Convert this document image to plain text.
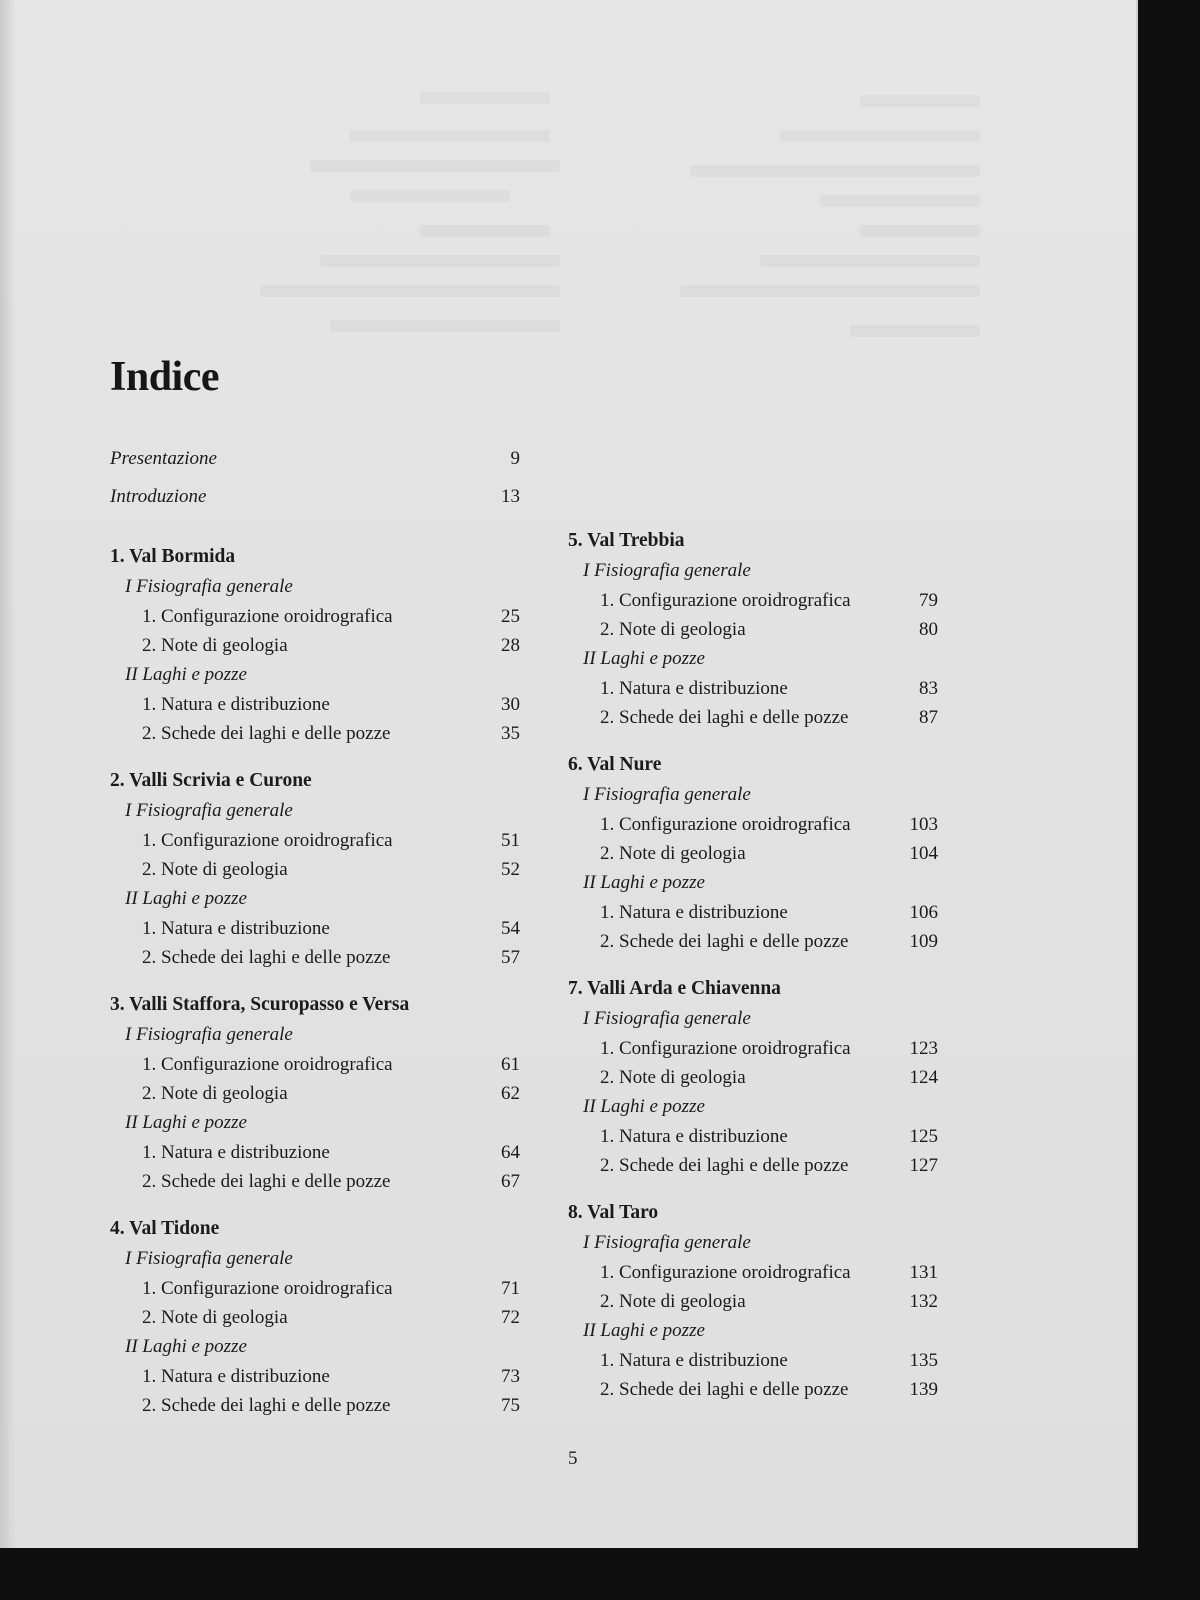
Indice
Presentazione	9
Introduzione	13
1. Val Bormida
I Fisiografia generale
1. Configurazione oroidrografica	25
2. Note di geologia	28
II Laghi e pozze
1. Natura e distribuzione	30
2. Schede dei laghi e delle pozze	35
2. Valli Scrivia e Curone
I Fisiografia generale
1. Configurazione oroidrografica	51
2. Note di geologia	52
II Laghi e pozze
1. Natura e distribuzione	54
2. Schede dei laghi e delle pozze	57
3. Valli Staffora, Scuropasso e Versa
I Fisiografia generale
1. Configurazione oroidrografica	61
2. Note di geologia	62
II Laghi e pozze
1. Natura e distribuzione	64
2. Schede dei laghi e delle pozze	67
4. Val Tidone
I Fisiografia generale
1. Configurazione oroidrografica	71
2. Note di geologia	72
II Laghi e pozze
1. Natura e distribuzione	73
2. Schede dei laghi e delle pozze	75
5. Val Trebbia
I Fisiografia generale
1. Configurazione oroidrografica	79
2. Note di geologia	80
II Laghi e pozze
1. Natura e distribuzione	83
2. Schede dei laghi e delle pozze	87
6. Val Nure
I Fisiografia generale
1. Configurazione oroidrografica	103
2. Note di geologia	104
II Laghi e pozze
1. Natura e distribuzione	106
2. Schede dei laghi e delle pozze	109
7. Valli Arda e Chiavenna
I Fisiografia generale
1. Configurazione oroidrografica	123
2. Note di geologia	124
II Laghi e pozze
1. Natura e distribuzione	125
2. Schede dei laghi e delle pozze	127
8. Val Taro
I Fisiografia generale
1. Configurazione oroidrografica	131
2. Note di geologia	132
II Laghi e pozze
1. Natura e distribuzione	135
2. Schede dei laghi e delle pozze	139
5
